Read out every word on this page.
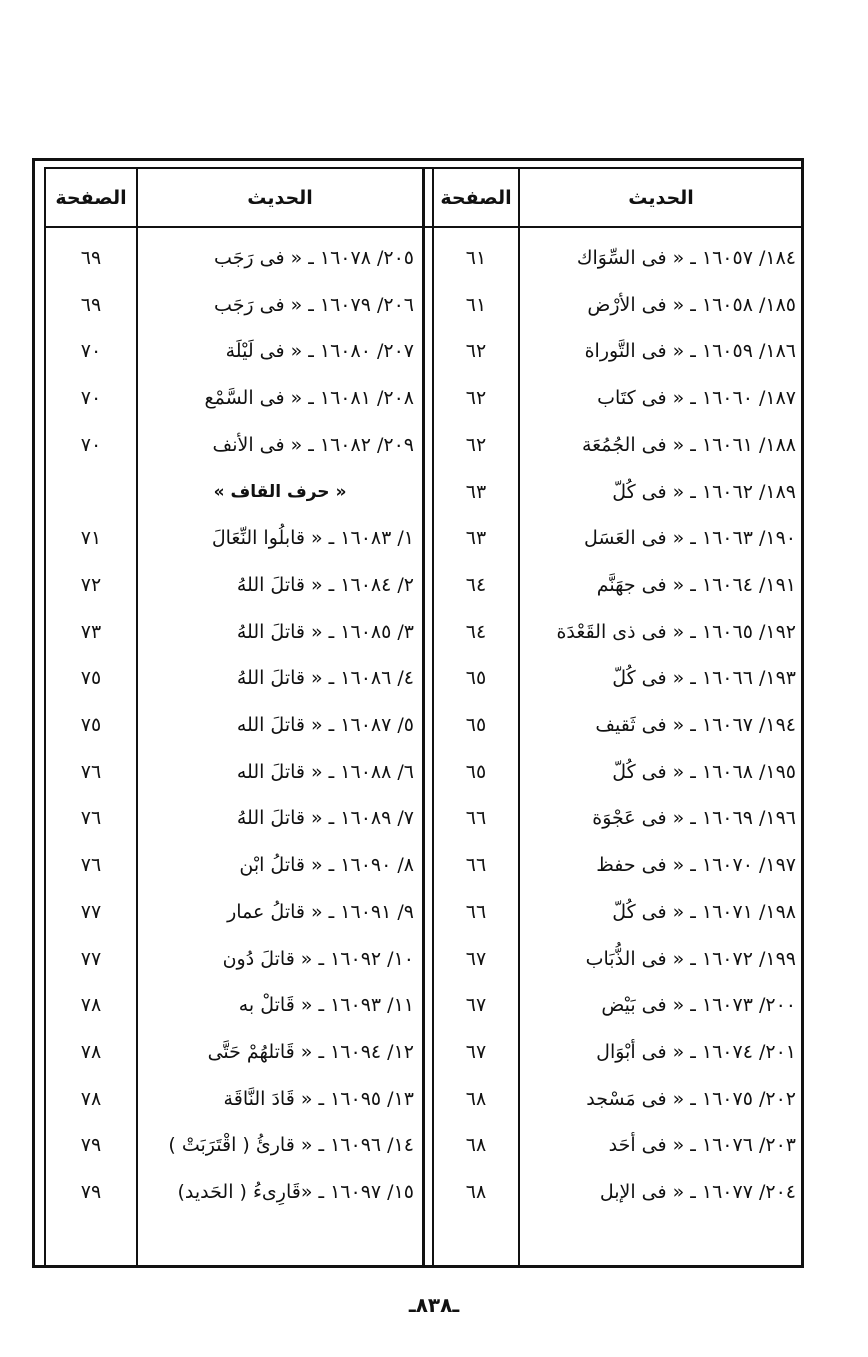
الحديث
الصفحة
الحديث
الصفحة
١٨٤/ ١٦٠٥٧ ـ « فى السِّوَاك
٦١
١٨٥/ ١٦٠٥٨ ـ « فى الأرْض
٦١
١٨٦/ ١٦٠٥٩ ـ « فى التَّوراة
٦٢
١٨٧/ ١٦٠٦٠ ـ « فى كتَاب
٦٢
١٨٨/ ١٦٠٦١ ـ « فى الجُمُعَة
٦٢
١٨٩/ ١٦٠٦٢ ـ « فى كُلّ
٦٣
١٩٠/ ١٦٠٦٣ ـ « فى العَسَل
٦٣
١٩١/ ١٦٠٦٤ ـ « فى جهَنَّم
٦٤
١٩٢/ ١٦٠٦٥ ـ « فى ذى القَعْدَة
٦٤
١٩٣/ ١٦٠٦٦ ـ « فى كُلّ
٦٥
١٩٤/ ١٦٠٦٧ ـ « فى ثَقيف
٦٥
١٩٥/ ١٦٠٦٨ ـ « فى كُلّ
٦٥
١٩٦/ ١٦٠٦٩ ـ « فى عَجْوَة
٦٦
١٩٧/ ١٦٠٧٠ ـ « فى حفظ
٦٦
١٩٨/ ١٦٠٧١ ـ « فى كُلّ
٦٦
١٩٩/ ١٦٠٧٢ ـ « فى الذُّبَاب
٦٧
٢٠٠/ ١٦٠٧٣ ـ « فى بَيْض
٦٧
٢٠١/ ١٦٠٧٤ ـ « فى أبْوَال
٦٧
٢٠٢/ ١٦٠٧٥ ـ « فى مَسْجد
٦٨
٢٠٣/ ١٦٠٧٦ ـ « فى أحَد
٦٨
٢٠٤/ ١٦٠٧٧ ـ « فى الإبل
٦٨
٢٠٥/ ١٦٠٧٨ ـ « فى رَجَب
٦٩
٢٠٦/ ١٦٠٧٩ ـ « فى رَجَب
٦٩
٢٠٧/ ١٦٠٨٠ ـ « فى لَيْلَة
٧٠
٢٠٨/ ١٦٠٨١ ـ « فى السَّمْع
٧٠
٢٠٩/ ١٦٠٨٢ ـ « فى الأنف
٧٠
« حرف القاف »
١/ ١٦٠٨٣ ـ « قابلُوا النِّعَالَ
٧١
٢/ ١٦٠٨٤ ـ « قاتلَ اللهُ
٧٢
٣/ ١٦٠٨٥ ـ « قاتلَ اللهُ
٧٣
٤/ ١٦٠٨٦ ـ « قاتلَ اللهُ
٧٥
٥/ ١٦٠٨٧ ـ « قاتلَ الله
٧٥
٦/ ١٦٠٨٨ ـ « قاتلَ الله
٧٦
٧/ ١٦٠٨٩ ـ « قاتلَ اللهُ
٧٦
٨/ ١٦٠٩٠ ـ « قاتلُ ابْن
٧٦
٩/ ١٦٠٩١ ـ « قاتلُ عمار
٧٧
١٠/ ١٦٠٩٢ ـ « قاتلَ دُون
٧٧
١١/ ١٦٠٩٣ ـ « قَاتلْ به
٧٨
١٢/ ١٦٠٩٤ ـ « قَاتلهُمْ حَتَّى
٧٨
١٣/ ١٦٠٩٥ ـ « قَادَ النَّاقَة
٧٨
١٤/ ١٦٠٩٦ ـ « قارئُ ( اقْتَرَبَتْ )
٧٩
١٥/ ١٦٠٩٧ ـ «قَارِىءُ ( الحَديد)
٧٩
ـ٨٣٨ـ
